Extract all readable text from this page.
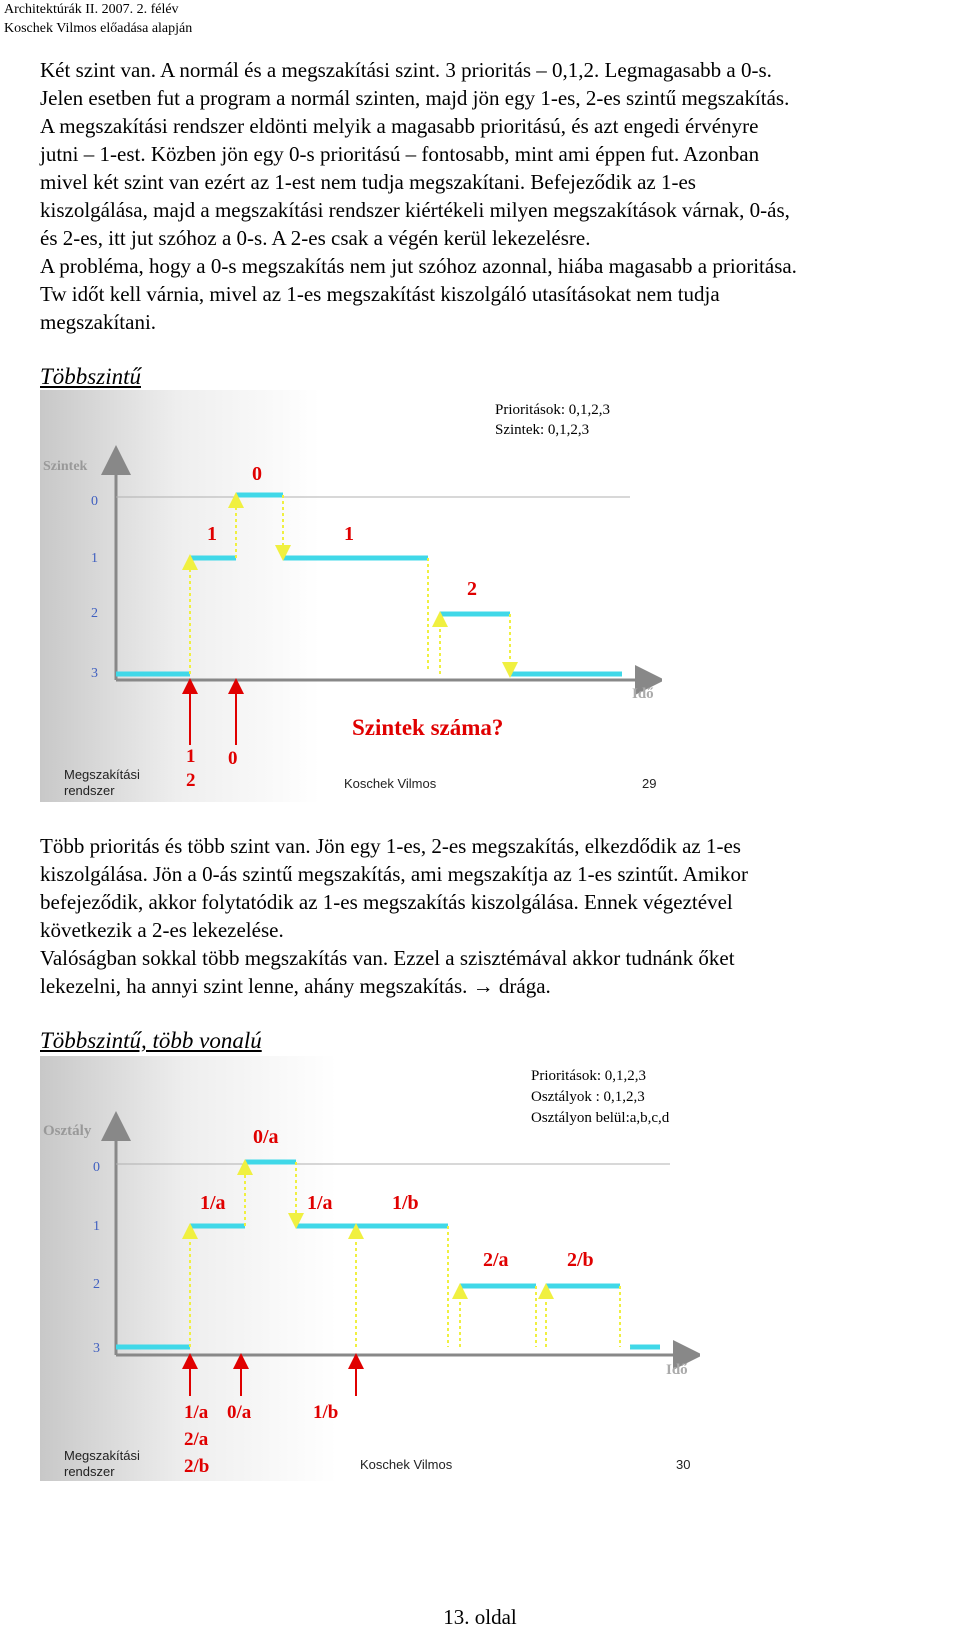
Architektúrák II. 2007. 2. félév
Koschek Vilmos előadása alapján
Két szint van. A normál és a megszakítási szint. 3 prioritás – 0,1,2. Legmagasabb a 0-s.
Jelen esetben fut a program a normál szinten, majd jön egy 1-es, 2-es szintű megszakítás.
A megszakítási rendszer eldönti melyik a magasabb prioritású, és azt engedi érvényre
jutni – 1-est. Közben jön egy 0-s prioritású – fontosabb, mint ami éppen fut. Azonban
mivel két szint van ezért az 1-est nem tudja megszakítani. Befejeződik az 1-es
kiszolgálása, majd a megszakítási rendszer kiértékeli milyen megszakítások várnak, 0-ás,
és 2-es, itt jut szóhoz a 0-s. A 2-es csak a végén kerül lekezelésre.
A probléma, hogy a 0-s megszakítás nem jut szóhoz azonnal, hiába magasabb a prioritása.
Tw időt kell várnia, mivel az 1-es megszakítást kiszolgáló utasításokat nem tudja
megszakítani.
Többszintű
Prioritások: 0,1,2,3
Szintek: 0,1,2,3
Szintek
0
1
2
3
Idő
0
1	1
2
1
2
0
Szintek száma?
Megszakítási
rendszer	Koschek Vilmos	29
Több prioritás és több szint van. Jön egy 1-es, 2-es megszakítás, elkezdődik az 1-es
kiszolgálása. Jön a 0-ás szintű megszakítás, ami megszakítja az 1-es szintűt. Amikor
befejeződik, akkor folytatódik az 1-es megszakítás kiszolgálása. Ennek végeztével
következik a 2-es lekezelése.
Valóságban sokkal több megszakítás van. Ezzel a szisztémával akkor tudnánk őket
lekezelni, ha annyi szint lenne, ahány megszakítás. → drága.
Többszintű, több vonalú
Prioritások: 0,1,2,3
Osztályok : 0,1,2,3
Osztályon belül:a,b,c,d
Osztály
0
1
2
3
Idő
0/a
1/a	1/a	1/b
2/a	2/b
1/a
2/a
2/b
0/a	1/b
Megszakítási
rendszer	Koschek Vilmos	30
13. oldal
